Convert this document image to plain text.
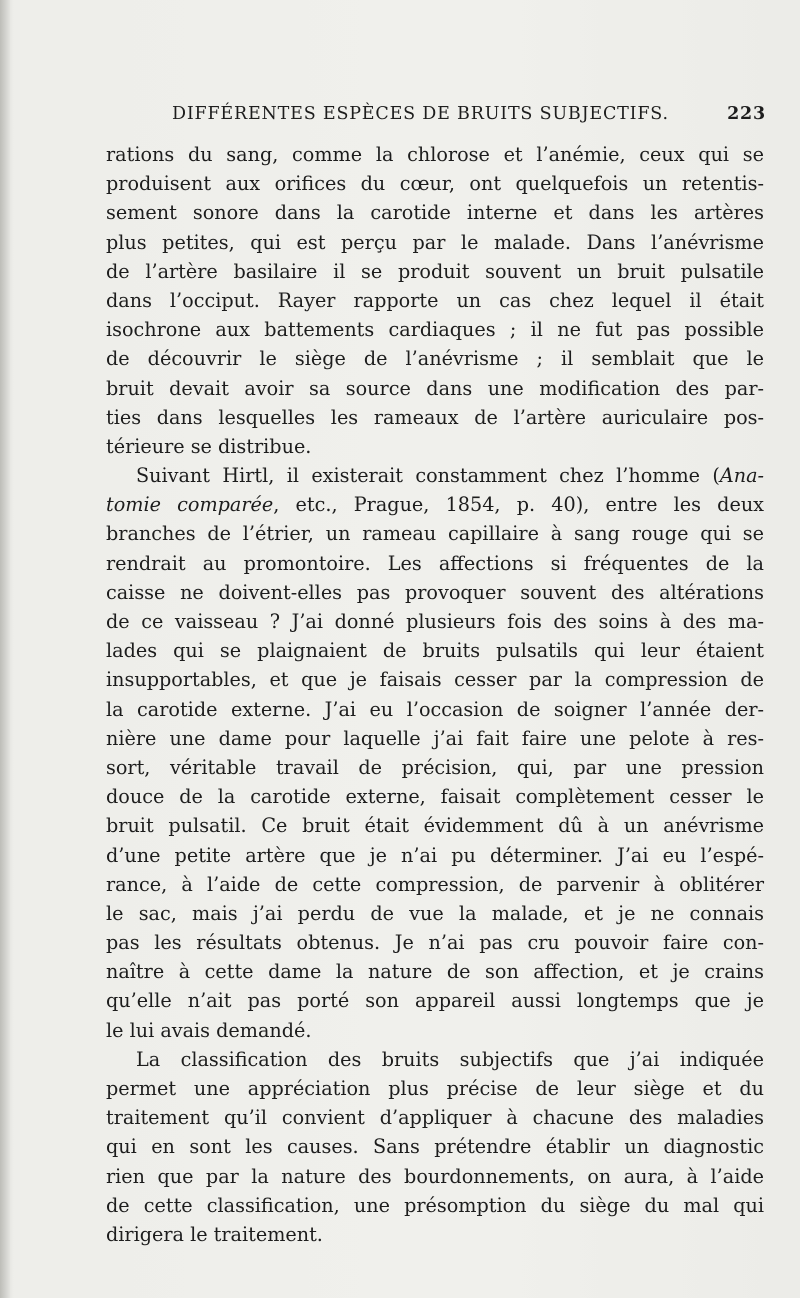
DIFFÉRENTES ESPÈCES DE BRUITS SUBJECTIFS.	223
rations du sang, comme la chlorose et l’anémie, ceux qui se
produisent aux orifices du cœur, ont quelquefois un retentis-
sement sonore dans la carotide interne et dans les artères
plus petites, qui est perçu par le malade. Dans l’anévrisme
de l’artère basilaire il se produit souvent un bruit pulsatile
dans l’occiput. Rayer rapporte un cas chez lequel il était
isochrone aux battements cardiaques ; il ne fut pas possible
de découvrir le siège de l’anévrisme ; il semblait que le
bruit devait avoir sa source dans une modification des par-
ties dans lesquelles les rameaux de l’artère auriculaire pos-
térieure se distribue.
Suivant Hirtl, il existerait constamment chez l’homme (Ana-
tomie comparée, etc., Prague, 1854, p. 40), entre les deux
branches de l’étrier, un rameau capillaire à sang rouge qui se
rendrait au promontoire. Les affections si fréquentes de la
caisse ne doivent-elles pas provoquer souvent des altérations
de ce vaisseau ? J’ai donné plusieurs fois des soins à des ma-
lades qui se plaignaient de bruits pulsatils qui leur étaient
insupportables, et que je faisais cesser par la compression de
la carotide externe. J’ai eu l’occasion de soigner l’année der-
nière une dame pour laquelle j’ai fait faire une pelote à res-
sort, véritable travail de précision, qui, par une pression
douce de la carotide externe, faisait complètement cesser le
bruit pulsatil. Ce bruit était évidemment dû à un anévrisme
d’une petite artère que je n’ai pu déterminer. J’ai eu l’espé-
rance, à l’aide de cette compression, de parvenir à oblitérer
le sac, mais j’ai perdu de vue la malade, et je ne connais
pas les résultats obtenus. Je n’ai pas cru pouvoir faire con-
naître à cette dame la nature de son affection, et je crains
qu’elle n’ait pas porté son appareil aussi longtemps que je
le lui avais demandé.
La classification des bruits subjectifs que j’ai indiquée
permet une appréciation plus précise de leur siège et du
traitement qu’il convient d’appliquer à chacune des maladies
qui en sont les causes. Sans prétendre établir un diagnostic
rien que par la nature des bourdonnements, on aura, à l’aide
de cette classification, une présomption du siège du mal qui
dirigera le traitement.
